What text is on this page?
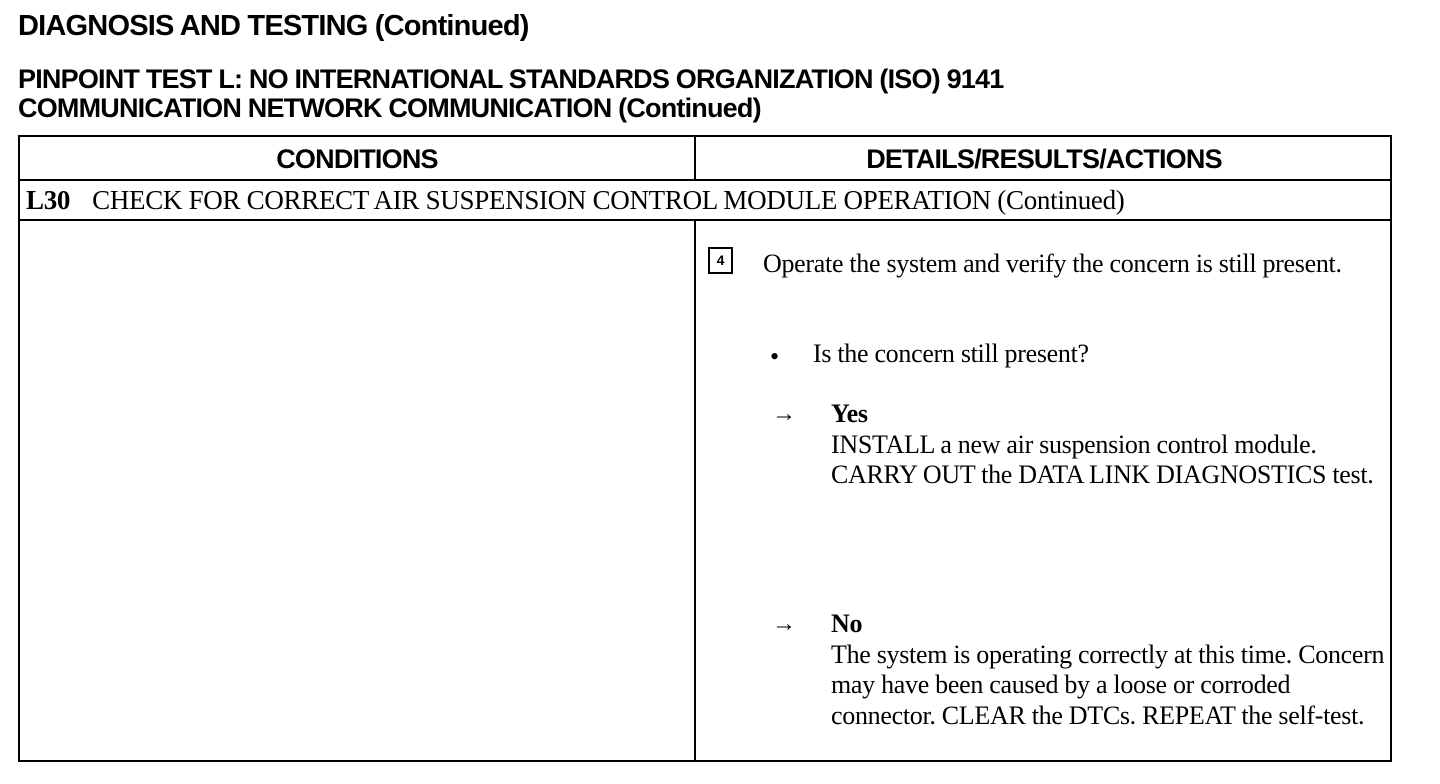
DIAGNOSIS AND TESTING (Continued)
PINPOINT TEST L: NO INTERNATIONAL STANDARDS ORGANIZATION (ISO) 9141
COMMUNICATION NETWORK COMMUNICATION (Continued)
CONDITIONS	DETAILS/RESULTS/ACTIONS
L30 CHECK FOR CORRECT AIR SUSPENSION CONTROL MODULE OPERATION (Continued)
4	Operate the system and verify the concern is still present.
• Is the concern still present?
→ Yes
INSTALL a new air suspension control module. CARRY OUT the DATA LINK DIAGNOSTICS test.
→ No
The system is operating correctly at this time. Concern may have been caused by a loose or corroded connector. CLEAR the DTCs. REPEAT the self-test.
